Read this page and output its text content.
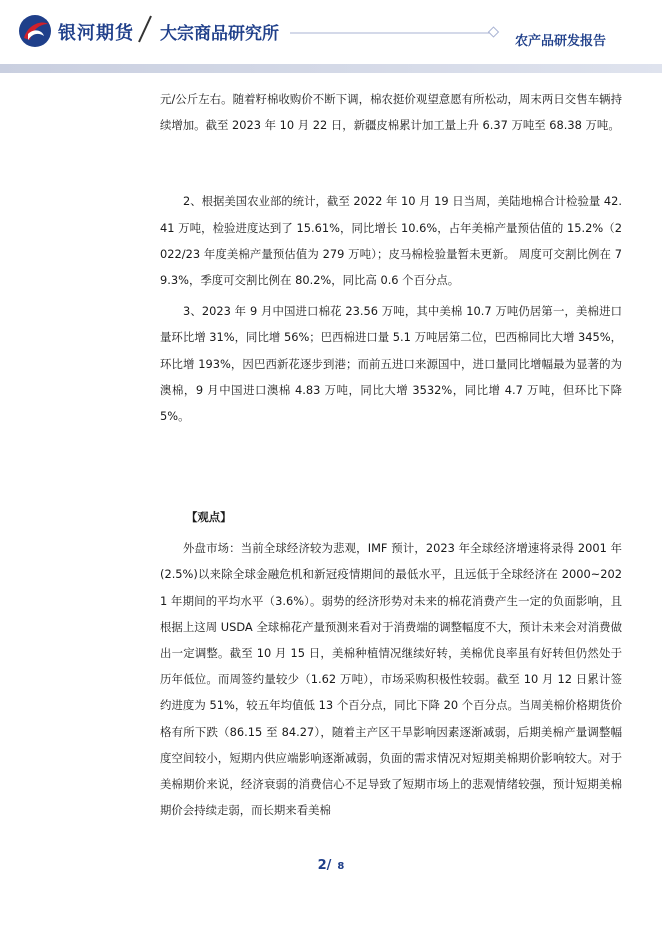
银河期货 大宗商品研究所	农产品研发报告

元/公斤左右。随着籽棉收购价不断下调，棉农挺价观望意愿有所松动，周末两日交售车辆持续增加。截至 2023 年 10 月 22 日，新疆皮棉累计加工量上升 6.37 万吨至 68.38 万吨。

2、根据美国农业部的统计，截至 2022 年 10 月 19 日当周，美陆地棉合计检验量 42.41 万吨，检验进度达到了 15.61%，同比增长 10.6%，占年美棉产量预估值的 15.2%（2022/23 年度美棉产量预估值为 279 万吨）；皮马棉检验量暂未更新。 周度可交割比例在 79.3%，季度可交割比例在 80.2%，同比高 0.6 个百分点。

3、2023 年 9 月中国进口棉花 23.56 万吨，其中美棉 10.7 万吨仍居第一，美棉进口量环比增 31%，同比增 56%；巴西棉进口量 5.1 万吨居第二位，巴西棉同比大增 345%，环比增 193%，因巴西新花逐步到港；而前五进口来源国中，进口量同比增幅最为显著的为澳棉，9 月中国进口澳棉 4.83 万吨，同比大增 3532%，同比增 4.7 万吨，但环比下降 5%。

【观点】

外盘市场：当前全球经济较为悲观，IMF 预计，2023 年全球经济增速将录得 2001 年(2.5%)以来除全球金融危机和新冠疫情期间的最低水平，且远低于全球经济在 2000~2021 年期间的平均水平（3.6%）。弱势的经济形势对未来的棉花消费产生一定的负面影响，且根据上这周 USDA 全球棉花产量预测来看对于消费端的调整幅度不大，预计未来会对消费做出一定调整。截至 10 月 15 日，美棉种植情况继续好转，美棉优良率虽有好转但仍然处于历年低位。而周签约量较少（1.62 万吨），市场采购积极性较弱。截至 10 月 12 日累计签约进度为 51%，较五年均值低 13 个百分点，同比下降 20 个百分点。当周美棉价格期货价格有所下跌（86.15 至 84.27），随着主产区干旱影响因素逐渐减弱，后期美棉产量调整幅度空间较小，短期内供应端影响逐渐减弱，负面的需求情况对短期美棉期价影响较大。对于美棉期价来说，经济衰弱的消费信心不足导致了短期市场上的悲观情绪较强，预计短期美棉期价会持续走弱，而长期来看美棉

2/ 8
